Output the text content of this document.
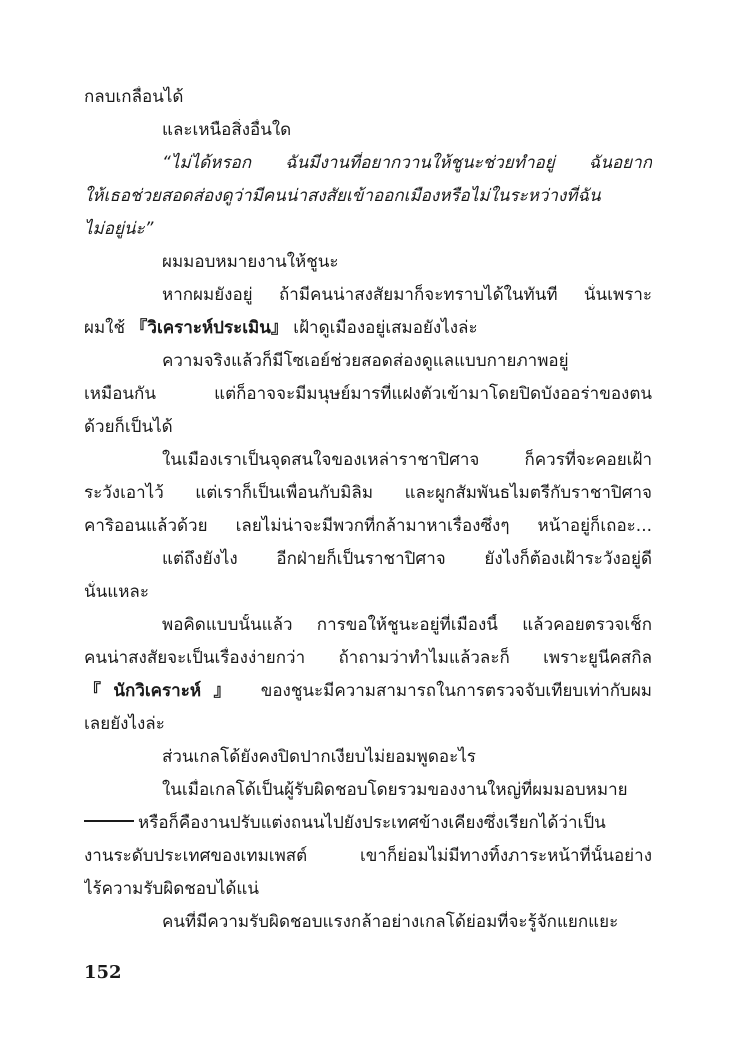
กลบเกลื่อนได้
และเหนือสิ่งอื่นใด
“ไม่ได้หรอก ฉันมีงานที่อยากวานให้ชูนะช่วยทำอยู่ ฉันอยาก
ให้เธอช่วยสอดส่องดูว่ามีคนน่าสงสัยเข้าออกเมืองหรือไม่ในระหว่างที่ฉัน
ไม่อยู่น่ะ”
ผมมอบหมายงานให้ชูนะ
หากผมยังอยู่ ถ้ามีคนน่าสงสัยมาก็จะทราบได้ในทันที นั่นเพราะ
ผมใช้ 『วิเคราะห์ประเมิน』 เฝ้าดูเมืองอยู่เสมอยังไงล่ะ
ความจริงแล้วก็มีโซเอย์ช่วยสอดส่องดูแลแบบกายภาพอยู่
เหมือนกัน แต่ก็อาจจะมีมนุษย์มารที่แฝงตัวเข้ามาโดยปิดบังออร่าของตน
ด้วยก็เป็นได้
ในเมืองเราเป็นจุดสนใจของเหล่าราชาปิศาจ ก็ควรที่จะคอยเฝ้า
ระวังเอาไว้ แต่เราก็เป็นเพื่อนกับมิลิม และผูกสัมพันธไมตรีกับราชาปิศาจ
คาริออนแล้วด้วย เลยไม่น่าจะมีพวกที่กล้ามาหาเรื่องซึ่งๆ หน้าอยู่ก็เถอะ...
แต่ถึงยังไง อีกฝ่ายก็เป็นราชาปิศาจ ยังไงก็ต้องเฝ้าระวังอยู่ดี
นั่นแหละ
พอคิดแบบนั้นแล้ว การขอให้ชูนะอยู่ที่เมืองนี้ แล้วคอยตรวจเช็ก
คนน่าสงสัยจะเป็นเรื่องง่ายกว่า ถ้าถามว่าทำไมแล้วละก็ เพราะยูนีคสกิล
『นักวิเคราะห์』 ของชูนะมีความสามารถในการตรวจจับเทียบเท่ากับผม
เลยยังไงล่ะ
ส่วนเกลโด้ยังคงปิดปากเงียบไม่ยอมพูดอะไร
ในเมื่อเกลโด้เป็นผู้รับผิดชอบโดยรวมของงานใหญ่ที่ผมมอบหมาย
หรือก็คืองานปรับแต่งถนนไปยังประเทศข้างเคียงซึ่งเรียกได้ว่าเป็น
งานระดับประเทศของเทมเพสต์ เขาก็ย่อมไม่มีทางทิ้งภาระหน้าที่นั้นอย่าง
ไร้ความรับผิดชอบได้แน่
คนที่มีความรับผิดชอบแรงกล้าอย่างเกลโด้ย่อมที่จะรู้จักแยกแยะ
152
